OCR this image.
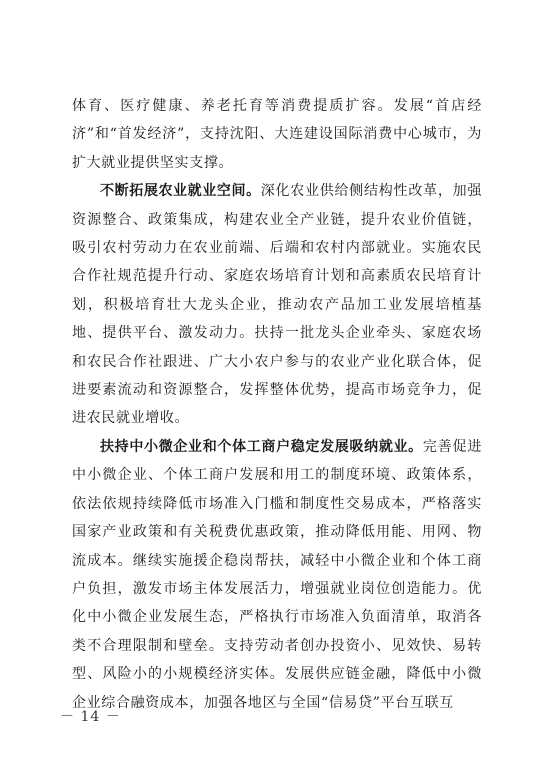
体育、医疗健康、养老托育等消费提质扩容。发展“首店经济”和“首发经济”，支持沈阳、大连建设国际消费中心城市，为扩大就业提供坚实支撑。

不断拓展农业就业空间。深化农业供给侧结构性改革，加强资源整合、政策集成，构建农业全产业链，提升农业价值链，吸引农村劳动力在农业前端、后端和农村内部就业。实施农民合作社规范提升行动、家庭农场培育计划和高素质农民培育计划，积极培育壮大龙头企业，推动农产品加工业发展培植基地、提供平台、激发动力。扶持一批龙头企业牵头、家庭农场和农民合作社跟进、广大小农户参与的农业产业化联合体，促进要素流动和资源整合，发挥整体优势，提高市场竞争力，促进农民就业增收。

扶持中小微企业和个体工商户稳定发展吸纳就业。完善促进中小微企业、个体工商户发展和用工的制度环境、政策体系，依法依规持续降低市场准入门槛和制度性交易成本，严格落实国家产业政策和有关税费优惠政策，推动降低用能、用网、物流成本。继续实施援企稳岗帮扶，减轻中小微企业和个体工商户负担，激发市场主体发展活力，增强就业岗位创造能力。优化中小微企业发展生态，严格执行市场准入负面清单，取消各类不合理限制和壁垒。支持劳动者创办投资小、见效快、易转型、风险小的小规模经济实体。发展供应链金融，降低中小微企业综合融资成本，加强各地区与全国“信易贷”平台互联互

－ 14 －
